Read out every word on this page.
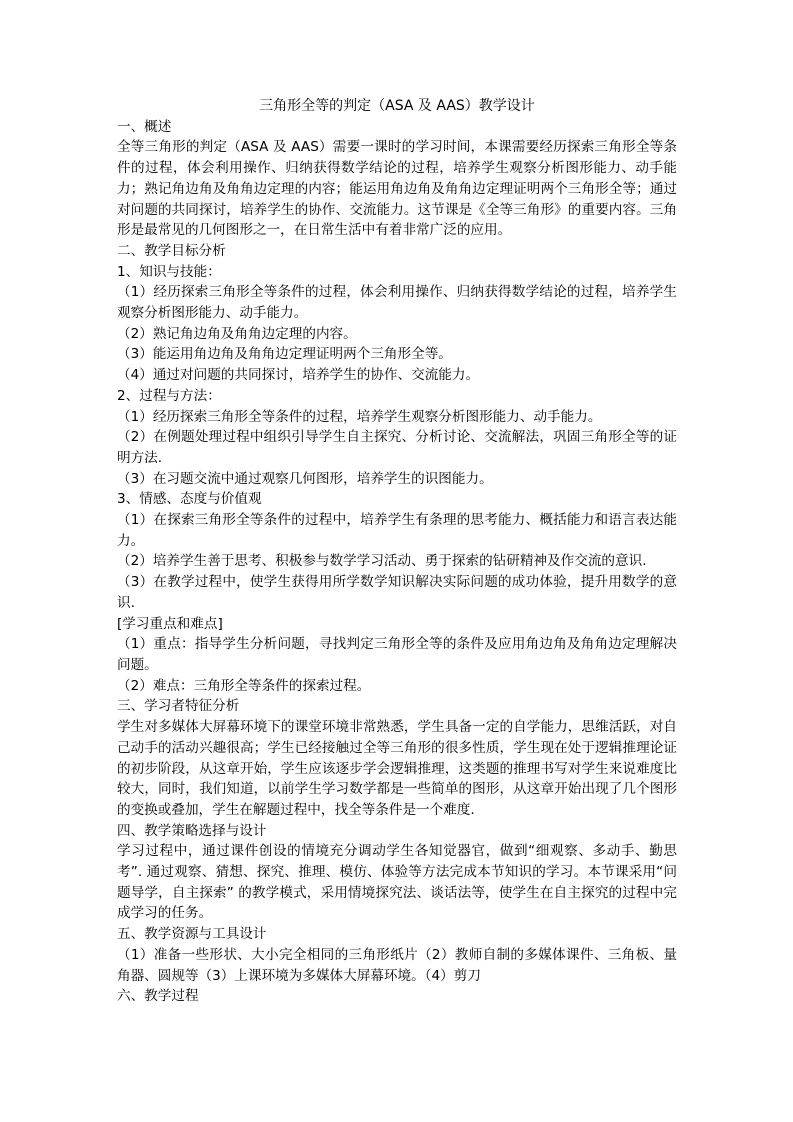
三角形全等的判定（ASA 及 AAS）教学设计

一、概述

全等三角形的判定（ASA 及 AAS）需要一课时的学习时间，本课需要经历探索三角形全等条件的过程，体会利用操作、归纳获得数学结论的过程，培养学生观察分析图形能力、动手能力；熟记角边角及角角边定理的内容；能运用角边角及角角边定理证明两个三角形全等；通过对问题的共同探讨，培养学生的协作、交流能力。这节课是《全等三角形》的重要内容。三角形是最常见的几何图形之一，在日常生活中有着非常广泛的应用。

二、教学目标分析

1、知识与技能：

（1）经历探索三角形全等条件的过程，体会利用操作、归纳获得数学结论的过程，培养学生观察分析图形能力、动手能力。

（2）熟记角边角及角角边定理的内容。

（3）能运用角边角及角角边定理证明两个三角形全等。

（4）通过对问题的共同探讨，培养学生的协作、交流能力。

2、过程与方法：

（1）经历探索三角形全等条件的过程，培养学生观察分析图形能力、动手能力。

（2）在例题处理过程中组织引导学生自主探究、分析讨论、交流解法，巩固三角形全等的证明方法.

（3）在习题交流中通过观察几何图形，培养学生的识图能力。

3、情感、态度与价值观

（1）在探索三角形全等条件的过程中，培养学生有条理的思考能力、概括能力和语言表达能力。

（2）培养学生善于思考、积极参与数学学习活动、勇于探索的钻研精神及作交流的意识.

（3）在教学过程中，使学生获得用所学数学知识解决实际问题的成功体验，提升用数学的意识.

[学习重点和难点]

（1）重点：指导学生分析问题，寻找判定三角形全等的条件及应用角边角及角角边定理解决问题。

（2）难点：三角形全等条件的探索过程。

三、学习者特征分析

学生对多媒体大屏幕环境下的课堂环境非常熟悉，学生具备一定的自学能力，思维活跃，对自己动手的活动兴趣很高；学生已经接触过全等三角形的很多性质，学生现在处于逻辑推理论证的初步阶段，从这章开始，学生应该逐步学会逻辑推理，这类题的推理书写对学生来说难度比较大，同时，我们知道，以前学生学习数学都是一些简单的图形，从这章开始出现了几个图形的变换或叠加，学生在解题过程中，找全等条件是一个难度.

四、教学策略选择与设计

学习过程中，通过课件创设的情境充分调动学生各知觉器官，做到“细观察、多动手、勤思考”. 通过观察、猜想、探究、推理、模仿、体验等方法完成本节知识的学习。本节课采用“问题导学，自主探索” 的教学模式，采用情境探究法、谈话法等，使学生在自主探究的过程中完成学习的任务。

五、教学资源与工具设计

（1）准备一些形状、大小完全相同的三角形纸片（2）教师自制的多媒体课件、三角板、量角器、圆规等（3）上课环境为多媒体大屏幕环境。（4）剪刀

六、教学过程
